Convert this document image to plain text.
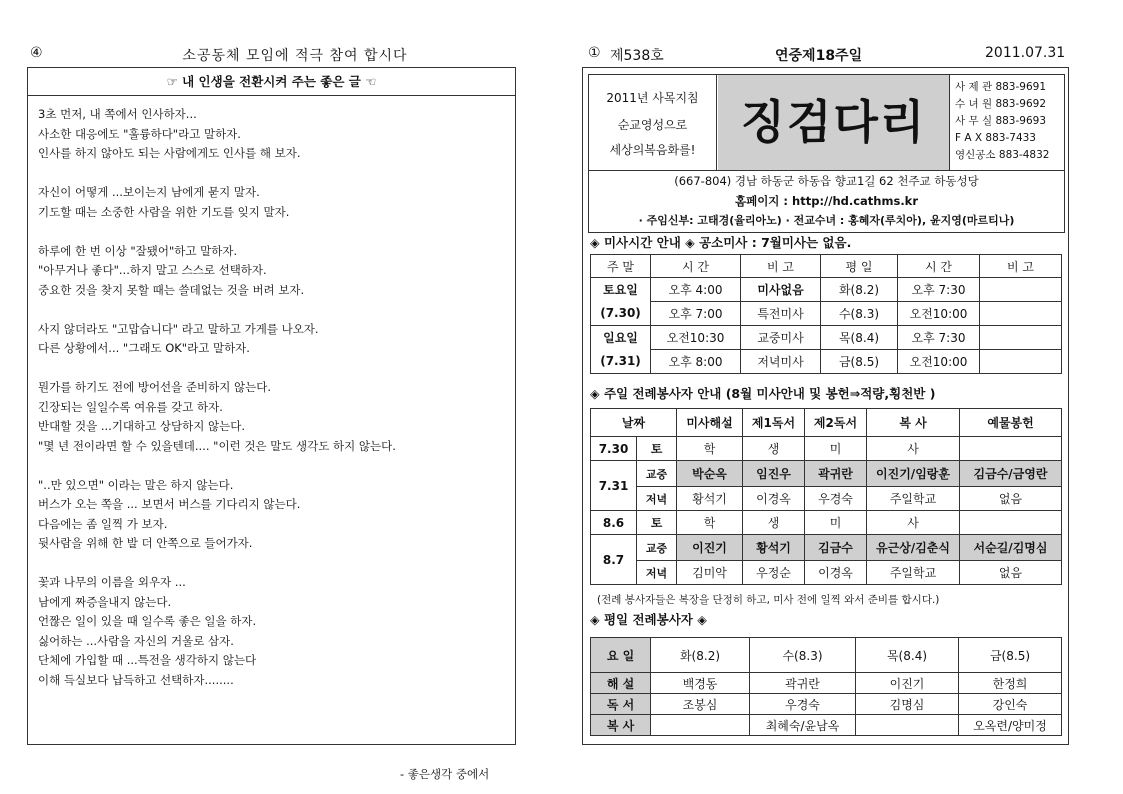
④	소공동체 모임에 적극 참여 합시다
☞ 내 인생을 전환시켜 주는 좋은 글 ☜
3초 먼저, 내 쪽에서 인사하자...
사소한 대응에도 "훌륭하다"라고 말하자.
인사를 하지 않아도 되는 사람에게도 인사를 해 보자.
자신이 어떻게 ...보이는지 남에게 묻지 말자.
기도할 때는 소중한 사람을 위한 기도를 잊지 말자.
하루에 한 번 이상 "잘됐어"하고 말하자.
"아무거나 좋다"...하지 말고 스스로 선택하자.
중요한 것을 찾지 못할 때는 쓸데없는 것을 버려 보자.
사지 않더라도 "고맙습니다" 라고 말하고 가게를 나오자.
다른 상황에서... "그래도 OK"라고 말하자.
뭔가를 하기도 전에 방어선을 준비하지 않는다.
긴장되는 일일수록 여유를 갖고 하자.
반대할 것을 ...기대하고 상담하지 않는다.
"몇 년 전이라면 할 수 있을텐데.... "이런 것은 말도 생각도 하지 않는다.
"..만 있으면" 이라는 말은 하지 않는다.
버스가 오는 쪽을 ... 보면서 버스를 기다리지 않는다.
다음에는 좀 일찍 가 보자.
뒷사람을 위해 한 발 더 안쪽으로 들어가자.
꽃과 나무의 이름을 외우자 ...
남에게 짜증을내지 않는다.
언짢은 일이 있을 때 일수록 좋은 일을 하자.
싫어하는 ...사람을 자신의 거울로 삼자.
단체에 가입할 때 ...특전을 생각하지 않는다
이해 득실보다 납득하고 선택하자........
- 좋은생각 중에서
① 제538호	연중제18주일	2011.07.31
2011년 사목지침
순교영성으로
세상의복음화를!
징검다리
사 제 관 883-9691
수 녀 원 883-9692
사 무 실 883-9693
F A X 883-7433
영신공소 883-4832
(667-804) 경남 하동군 하동읍 향교1길 62 천주교 하동성당
홈페이지 : http://hd.cathms.kr
· 주임신부: 고태경(율리아노) · 전교수녀 : 홍혜자(루치아), 윤지영(마르티나)
◈ 미사시간 안내 ◈ 공소미사 : 7월미사는 없음.
주 말	시 간	비 고	평 일	시 간	비 고
토요일	오후 4:00	미사없음	화(8.2)	오후 7:30	
(7.30)	오후 7:00	특전미사	수(8.3)	오전10:00	
일요일	오전10:30	교중미사	목(8.4)	오후 7:30	
(7.31)	오후 8:00	저녁미사	금(8.5)	오전10:00	
◈ 주일 전례봉사자 안내 (8월 미사안내 및 봉헌⇒적량,횡천반 )
날짜		미사해설	제1독서	제2독서	복 사	예물봉헌
7.30	토	학	생	미	사	
7.31	교중	박순옥	임진우	곽귀란	이진기/임랑훈	김금수/금영란
	저녁	황석기	이경옥	우경숙	주일학교	없음
8.6	토	학	생	미	사	
8.7	교중	이진기	황석기	김금수	유근상/김춘식	서순길/김명심
	저녁	김미악	우정순	이경옥	주일학교	없음
(전례 봉사자들은 복장을 단정히 하고, 미사 전에 일찍 와서 준비를 합시다.)
◈ 평일 전례봉사자 ◈
요 일	화(8.2)	수(8.3)	목(8.4)	금(8.5)
해 설	백경동	곽귀란	이진기	한정희
독 서	조봉심	우경숙	김명심	강인숙
복 사		최혜숙/윤남옥		오옥련/양미정
